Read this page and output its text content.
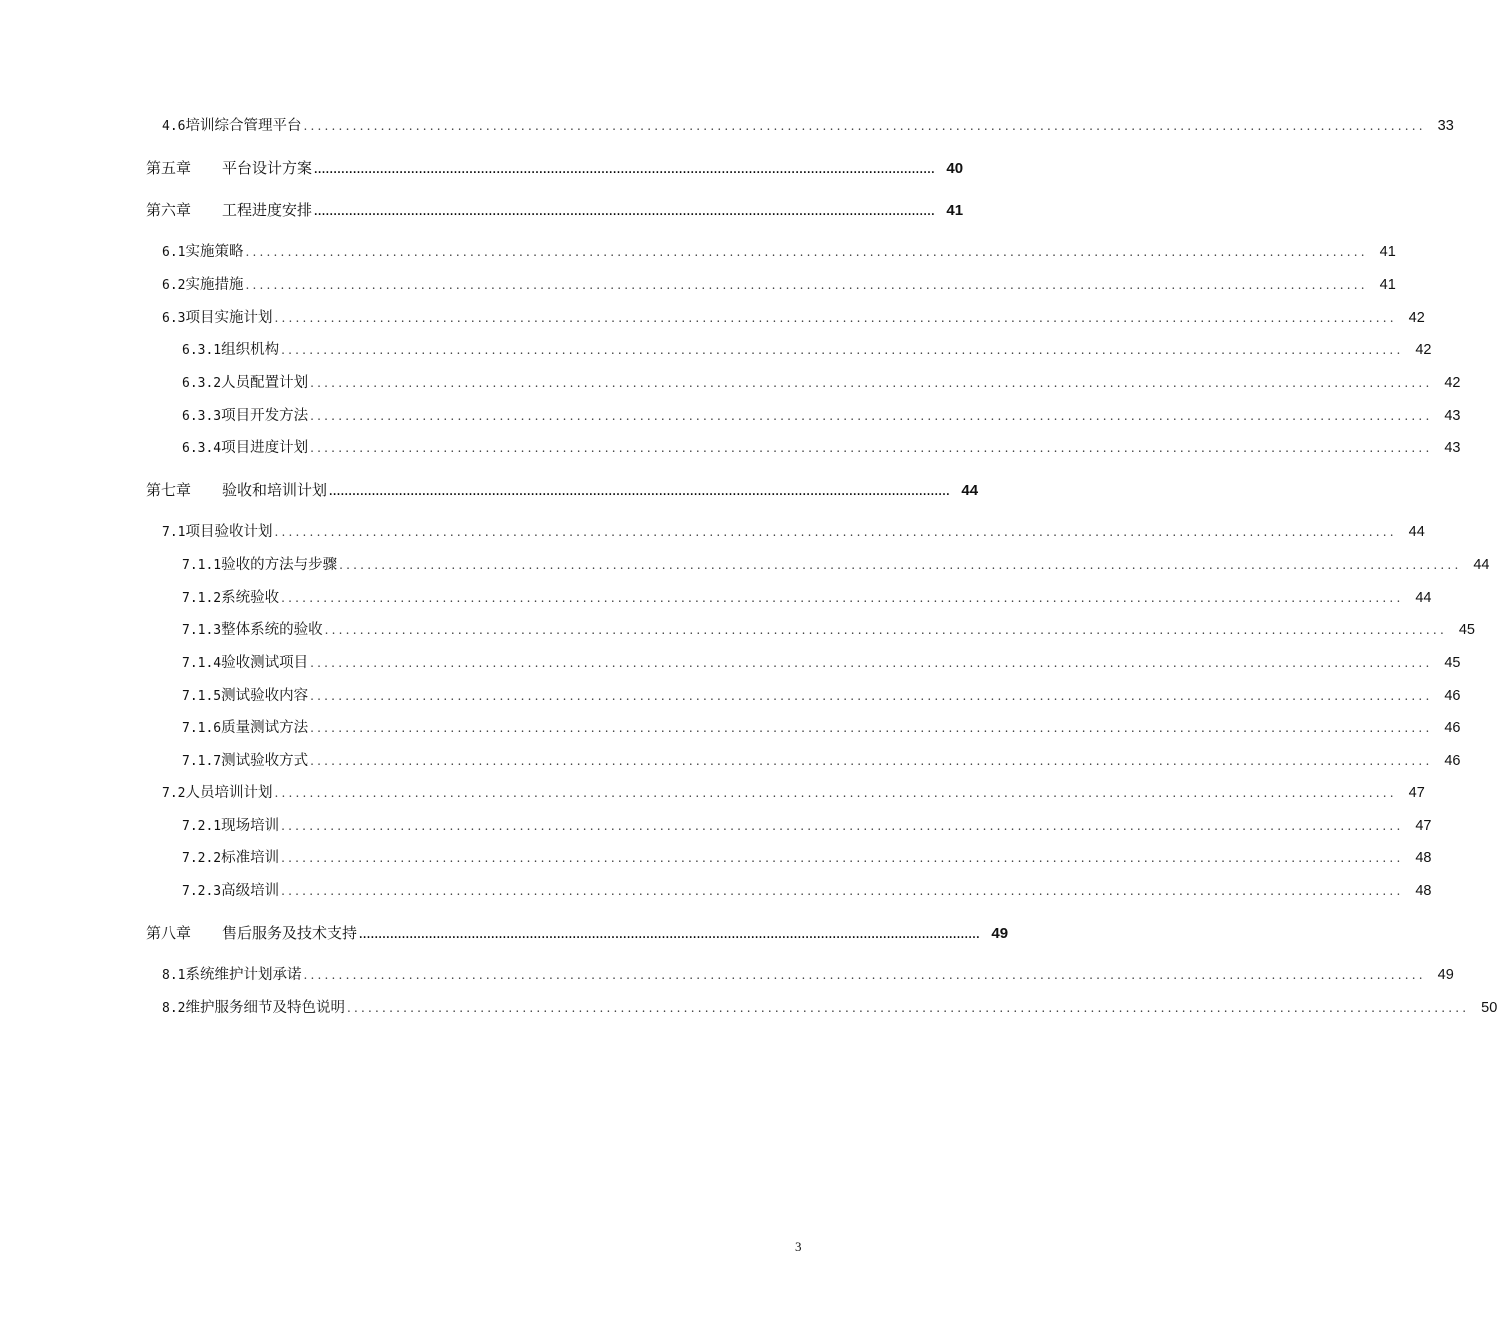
4.6培训综合管理平台 ................................................................................................................................................................ 33
第五章	平台设计方案 ................................................................................................................................................................ 40
第六章	工程进度安排 ................................................................................................................................................................ 41
6.1实施策略 ................................................................................................................................................................ 41
6.2实施措施 ................................................................................................................................................................ 41
6.3项目实施计划 ................................................................................................................................................................ 42
6.3.1组织机构 ................................................................................................................................................................ 42
6.3.2人员配置计划 ................................................................................................................................................................ 42
6.3.3项目开发方法 ................................................................................................................................................................ 43
6.3.4项目进度计划 ................................................................................................................................................................ 43
第七章	验收和培训计划 ................................................................................................................................................................ 44
7.1项目验收计划 ................................................................................................................................................................ 44
7.1.1验收的方法与步骤 ................................................................................................................................................................ 44
7.1.2系统验收 ................................................................................................................................................................ 44
7.1.3整体系统的验收 ................................................................................................................................................................ 45
7.1.4验收测试项目 ................................................................................................................................................................ 45
7.1.5测试验收内容 ................................................................................................................................................................ 46
7.1.6质量测试方法 ................................................................................................................................................................ 46
7.1.7测试验收方式 ................................................................................................................................................................ 46
7.2人员培训计划 ................................................................................................................................................................ 47
7.2.1现场培训 ................................................................................................................................................................ 47
7.2.2标准培训 ................................................................................................................................................................ 48
7.2.3高级培训 ................................................................................................................................................................ 48
第八章	售后服务及技术支持 ................................................................................................................................................................ 49
8.1系统维护计划承诺 ................................................................................................................................................................ 49
8.2维护服务细节及特色说明 ................................................................................................................................................................ 50
3
